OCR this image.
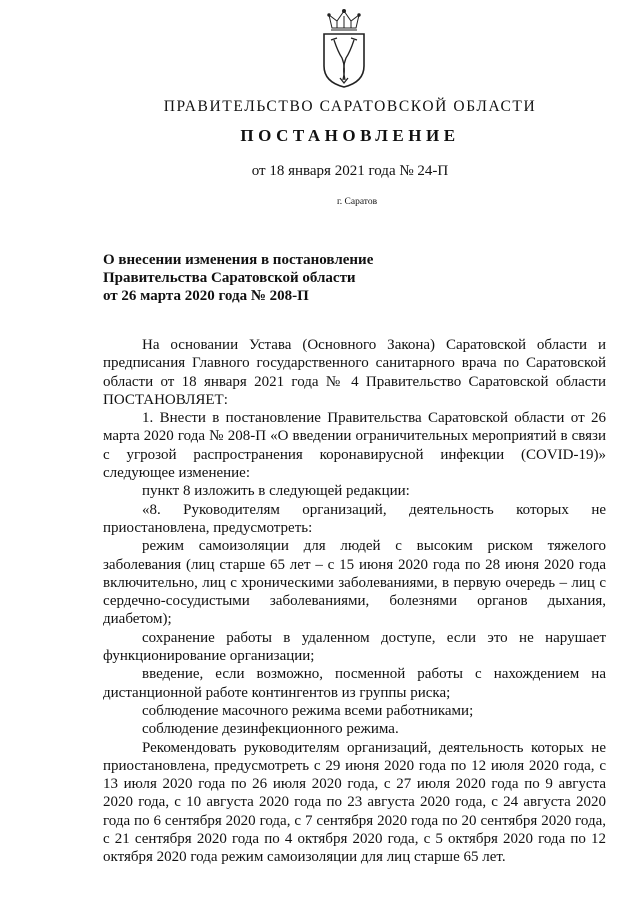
ПРАВИТЕЛЬСТВО САРАТОВСКОЙ ОБЛАСТИ
ПОСТАНОВЛЕНИЕ
от 18 января 2021 года № 24-П
г. Саратов
О внесении изменения в постановление
Правительства Саратовской области
от 26 марта 2020 года № 208-П

На основании Устава (Основного Закона) Саратовской области и предписания Главного государственного санитарного врача по Саратовской области от 18 января 2021 года № 4 Правительство Саратовской области ПОСТАНОВЛЯЕТ:

1. Внести в постановление Правительства Саратовской области от 26 марта 2020 года № 208-П «О введении ограничительных мероприятий в связи с угрозой распространения коронавирусной инфекции (COVID-19)» следующее изменение:

пункт 8 изложить в следующей редакции:

«8. Руководителям организаций, деятельность которых не приостановлена, предусмотреть:

режим самоизоляции для людей с высоким риском тяжелого заболевания (лиц старше 65 лет – с 15 июня 2020 года по 28 июня 2020 года включительно, лиц с хроническими заболеваниями, в первую очередь – лиц с сердечно-сосудистыми заболеваниями, болезнями органов дыхания, диабетом);

сохранение работы в удаленном доступе, если это не нарушает функционирование организации;

введение, если возможно, посменной работы с нахождением на дистанционной работе контингентов из группы риска;

соблюдение масочного режима всеми работниками;

соблюдение дезинфекционного режима.

Рекомендовать руководителям организаций, деятельность которых не приостановлена, предусмотреть с 29 июня 2020 года по 12 июля 2020 года, с 13 июля 2020 года по 26 июля 2020 года, с 27 июля 2020 года по 9 августа 2020 года, с 10 августа 2020 года по 23 августа 2020 года, с 24 августа 2020 года по 6 сентября 2020 года, с 7 сентября 2020 года по 20 сентября 2020 года, с 21 сентября 2020 года по 4 октября 2020 года, с 5 октября 2020 года по 12 октября 2020 года режим самоизоляции для лиц старше 65 лет.
